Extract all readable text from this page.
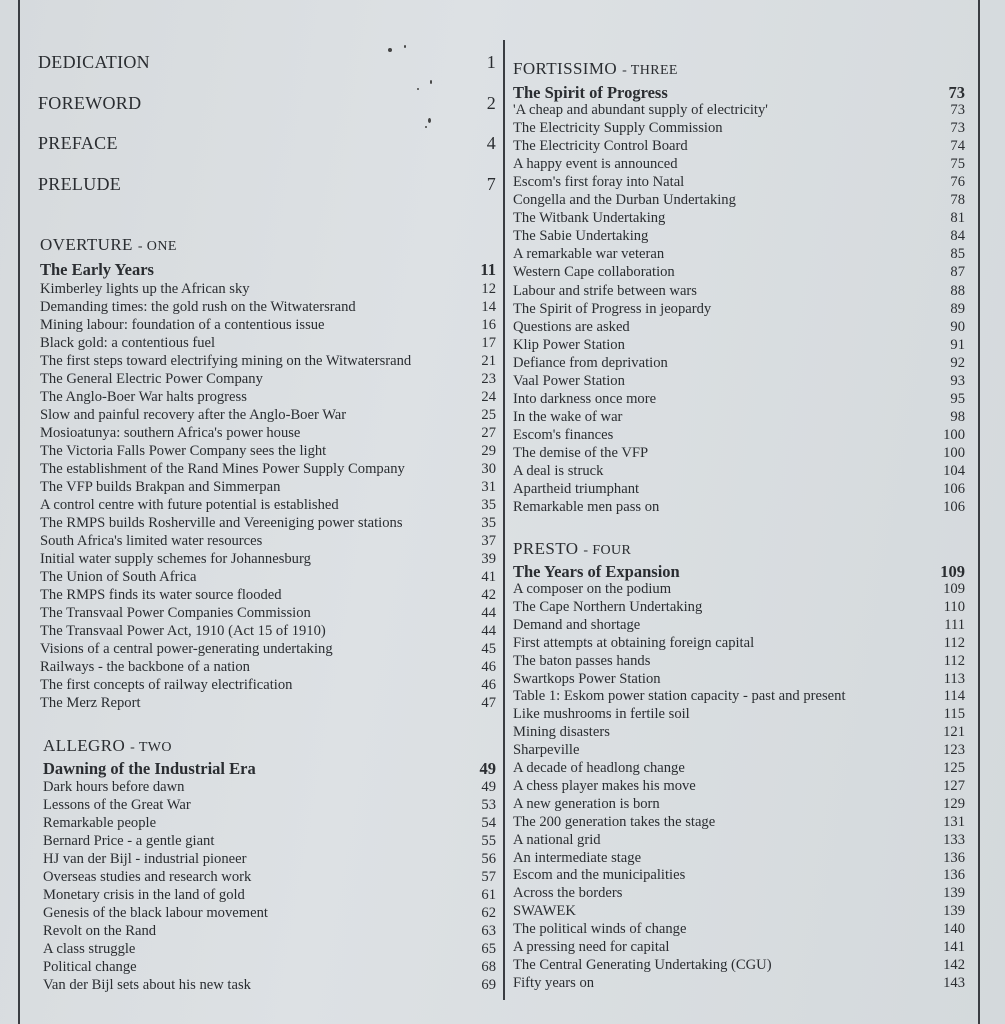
DEDICATION	1
FOREWORD	2
PREFACE	4
PRELUDE	7
OVERTURE - ONE
The Early Years	11
Kimberley lights up the African sky	12
Demanding times: the gold rush on the Witwatersrand	14
Mining labour: foundation of a contentious issue	16
Black gold: a contentious fuel	17
The first steps toward electrifying mining on the Witwatersrand	21
The General Electric Power Company	23
The Anglo-Boer War halts progress	24
Slow and painful recovery after the Anglo-Boer War	25
Mosioatunya: southern Africa's power house	27
The Victoria Falls Power Company sees the light	29
The establishment of the Rand Mines Power Supply Company	30
The VFP builds Brakpan and Simmerpan	31
A control centre with future potential is established	35
The RMPS builds Rosherville and Vereeniging power stations	35
South Africa's limited water resources	37
Initial water supply schemes for Johannesburg	39
The Union of South Africa	41
The RMPS finds its water source flooded	42
The Transvaal Power Companies Commission	44
The Transvaal Power Act, 1910 (Act 15 of 1910)	44
Visions of a central power-generating undertaking	45
Railways - the backbone of a nation	46
The first concepts of railway electrification	46
The Merz Report	47
ALLEGRO - TWO
Dawning of the Industrial Era	49
Dark hours before dawn	49
Lessons of the Great War	53
Remarkable people	54
Bernard Price - a gentle giant	55
HJ van der Bijl - industrial pioneer	56
Overseas studies and research work	57
Monetary crisis in the land of gold	61
Genesis of the black labour movement	62
Revolt on the Rand	63
A class struggle	65
Political change	68
Van der Bijl sets about his new task	69
FORTISSIMO - THREE
The Spirit of Progress	73
'A cheap and abundant supply of electricity'	73
The Electricity Supply Commission	73
The Electricity Control Board	74
A happy event is announced	75
Escom's first foray into Natal	76
Congella and the Durban Undertaking	78
The Witbank Undertaking	81
The Sabie Undertaking	84
A remarkable war veteran	85
Western Cape collaboration	87
Labour and strife between wars	88
The Spirit of Progress in jeopardy	89
Questions are asked	90
Klip Power Station	91
Defiance from deprivation	92
Vaal Power Station	93
Into darkness once more	95
In the wake of war	98
Escom's finances	100
The demise of the VFP	100
A deal is struck	104
Apartheid triumphant	106
Remarkable men pass on	106
PRESTO - FOUR
The Years of Expansion	109
A composer on the podium	109
The Cape Northern Undertaking	110
Demand and shortage	111
First attempts at obtaining foreign capital	112
The baton passes hands	112
Swartkops Power Station	113
Table 1: Eskom power station capacity - past and present	114
Like mushrooms in fertile soil	115
Mining disasters	121
Sharpeville	123
A decade of headlong change	125
A chess player makes his move	127
A new generation is born	129
The 200 generation takes the stage	131
A national grid	133
An intermediate stage	136
Escom and the municipalities	136
Across the borders	139
SWAWEK	139
The political winds of change	140
A pressing need for capital	141
The Central Generating Undertaking (CGU)	142
Fifty years on	143
